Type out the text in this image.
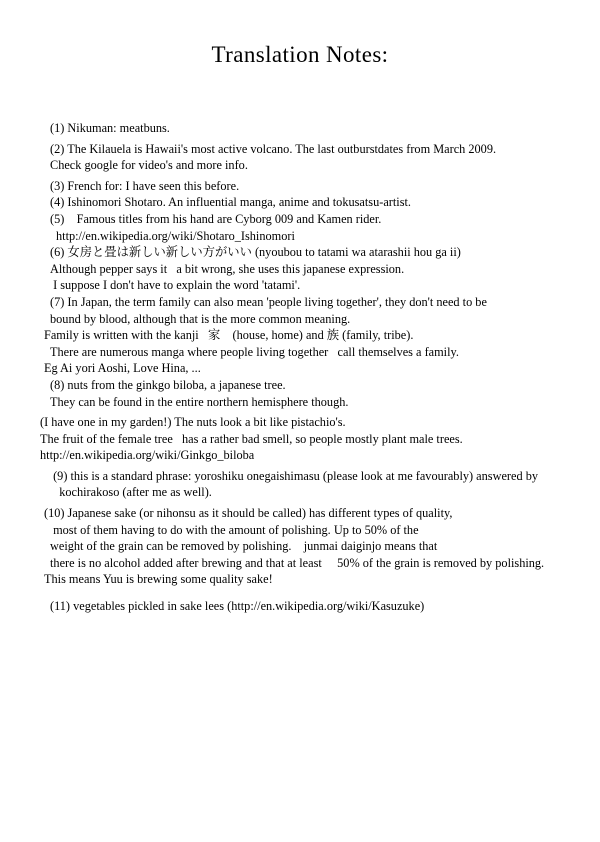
Translation Notes:
(1) Nikuman: meatbuns.
(2) The Kilauela is Hawaii's most active volcano. The last outburstdates from March 2009.
Check google for video's and more info.
(3) French for: I have seen this before.
(4) Ishinomori Shotaro. An influential manga, anime and tokusatsu-artist.
(5)    Famous titles from his hand are Cyborg 009 and Kamen rider.
http://en.wikipedia.org/wiki/Shotaro_Ishinomori
(6) 女房と畳は新しい新しい方がいい (nyoubou to tatami wa atarashii hou ga ii)
Although pepper says it   a bit wrong, she uses this japanese expression.
I suppose I don't have to explain the word 'tatami'.
(7) In Japan, the term family can also mean 'people living together', they don't need to be
bound by blood, although that is the more common meaning.
Family is written with the kanji   家    (house, home) and 族 (family, tribe).
There are numerous manga where people living together   call themselves a family.
Eg Ai yori Aoshi, Love Hina, ...
(8) nuts from the ginkgo biloba, a japanese tree.
They can be found in the entire northern hemisphere though.
(I have one in my garden!) The nuts look a bit like pistachio's.
The fruit of the female tree   has a rather bad smell, so people mostly plant male trees.
http://en.wikipedia.org/wiki/Ginkgo_biloba
(9) this is a standard phrase: yoroshiku onegaishimasu (please look at me favourably) answered by
kochirakoso (after me as well).
(10) Japanese sake (or nihonsu as it should be called) has different types of quality,
most of them having to do with the amount of polishing. Up to 50% of the
weight of the grain can be removed by polishing.    junmai daiginjo means that
there is no alcohol added after brewing and that at least     50% of the grain is removed by polishing.
This means Yuu is brewing some quality sake!
(11) vegetables pickled in sake lees (http://en.wikipedia.org/wiki/Kasuzuke)
